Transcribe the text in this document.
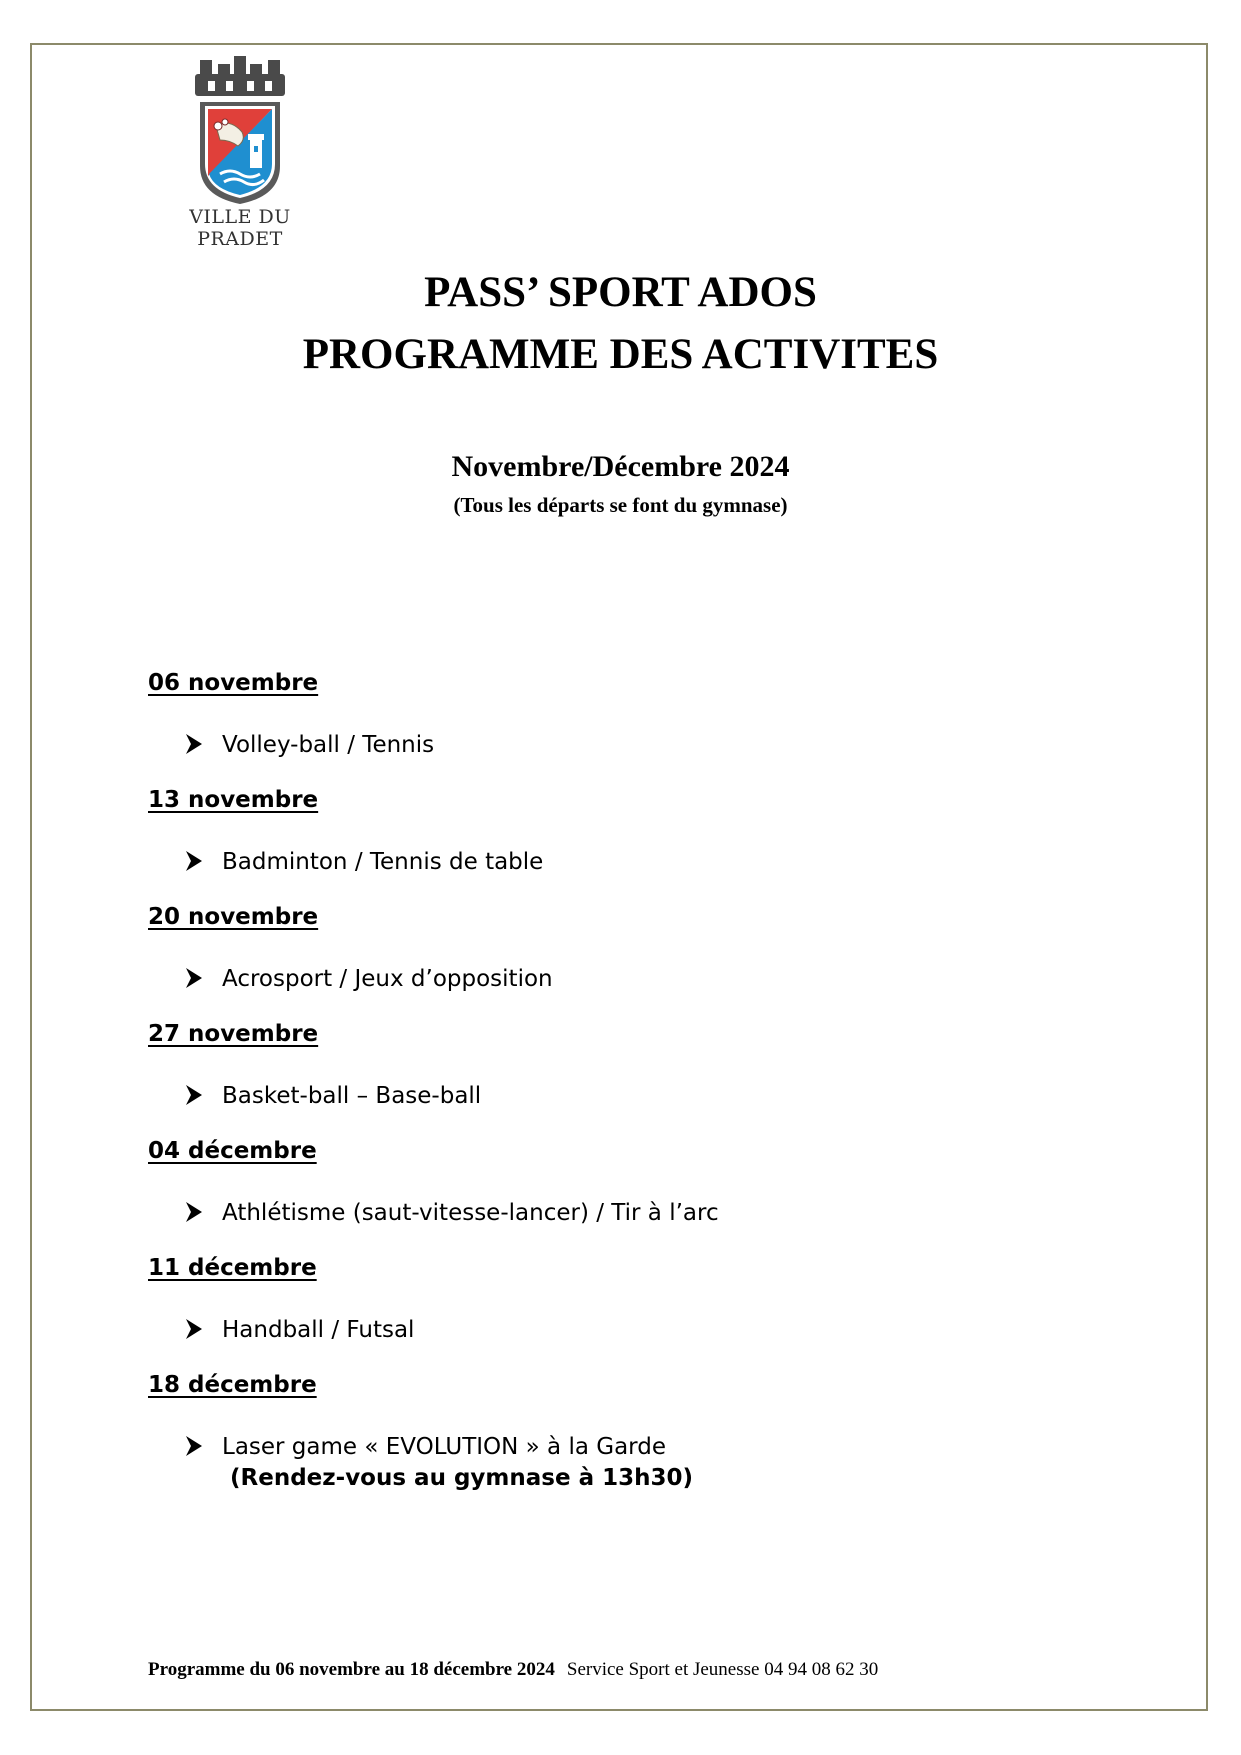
VILLE DU PRADET
PASS’ SPORT ADOS
PROGRAMME DES ACTIVITES
Novembre/Décembre 2024
(Tous les départs se font du gymnase)
06 novembre
Volley-ball / Tennis
13 novembre
Badminton / Tennis de table
20 novembre
Acrosport / Jeux d’opposition
27 novembre
Basket-ball – Base-ball
04 décembre
Athlétisme (saut-vitesse-lancer) / Tir à l’arc
11 décembre
Handball / Futsal
18 décembre
Laser game « EVOLUTION » à la Garde
(Rendez-vous au gymnase à 13h30)
Programme du 06 novembre au 18 décembre 2024 Service Sport et Jeunesse 04 94 08 62 30
